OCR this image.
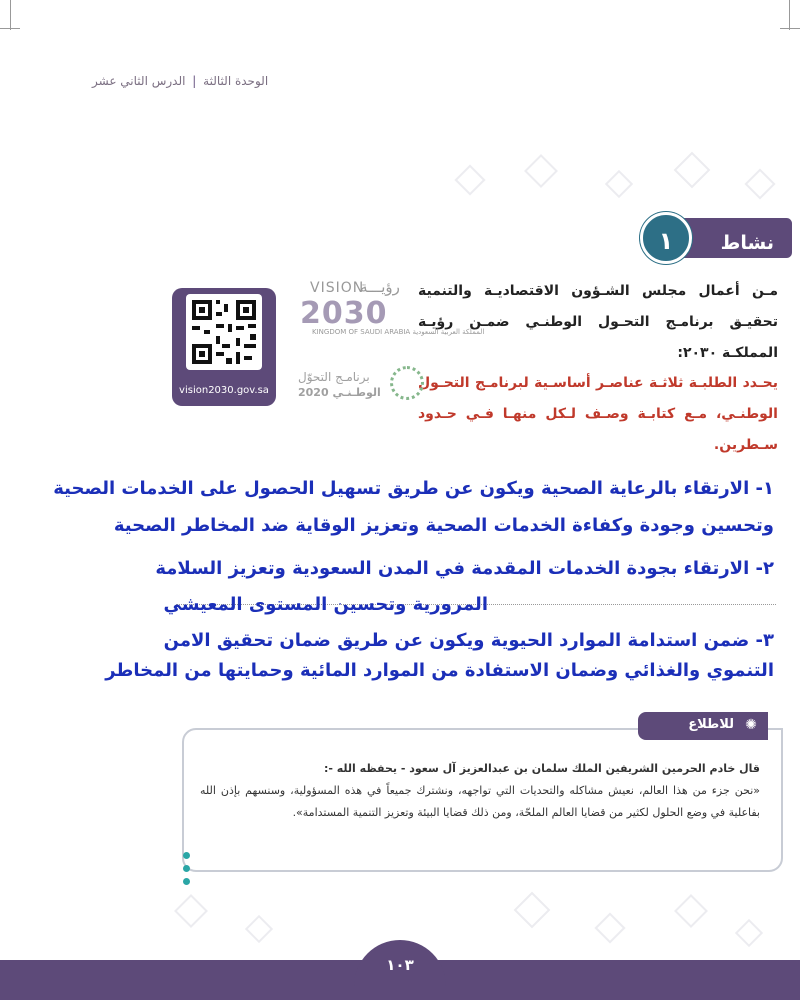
الوحدة الثالثة | الدرس الثاني عشر
نشاط
١
مـن أعمال مجلس الشـؤون الاقتصاديـة والتنمية تحقيـق برنامـج التحـول الوطنـي ضمـن رؤيـة المملكـة ٢٠٣٠:
يحـدد الطلبـة ثلاثـة عناصـر أساسـية لبرنامـج التحـول الوطنـي، مـع كتابـة وصـف لـكل منهـا فـي حـدود سـطرين.
VISION
رؤيـــة
2030
المملكة العربية السعودية KINGDOM OF SAUDI ARABIA
برنامـج التحوّل
الوطـنـي 2020
vision2030.gov.sa
١- الارتقاء بالرعاية الصحية ويكون عن طريق تسهيل الحصول على الخدمات الصحية
وتحسين وجودة وكفاءة الخدمات الصحية وتعزيز الوقاية ضد المخاطر الصحية
٢- الارتقاء بجودة الخدمات المقدمة في المدن السعودية وتعزيز السلامة
المرورية وتحسين المستوى المعيشي
٣- ضمن استدامة الموارد الحيوية ويكون عن طريق ضمان تحقيق الامن
التنموي والغذائي وضمان الاستفادة من الموارد المائية وحمايتها من المخاطر
✺
للاطلاع
قال خادم الحرمين الشريفين الملك سلمان بن عبدالعزيز آل سعود - يحفظه الله -:
«نحن جزء من هذا العالم، نعيش مشاكله والتحديات التي تواجهه، ونشترك جميعاً في هذه المسؤولية، وسنسهم بإذن الله بفاعلية في وضع الحلول لكثير من قضايا العالم الملحّة، ومن ذلك قضايا البيئة وتعزيز التنمية المستدامة».
١٠٣
